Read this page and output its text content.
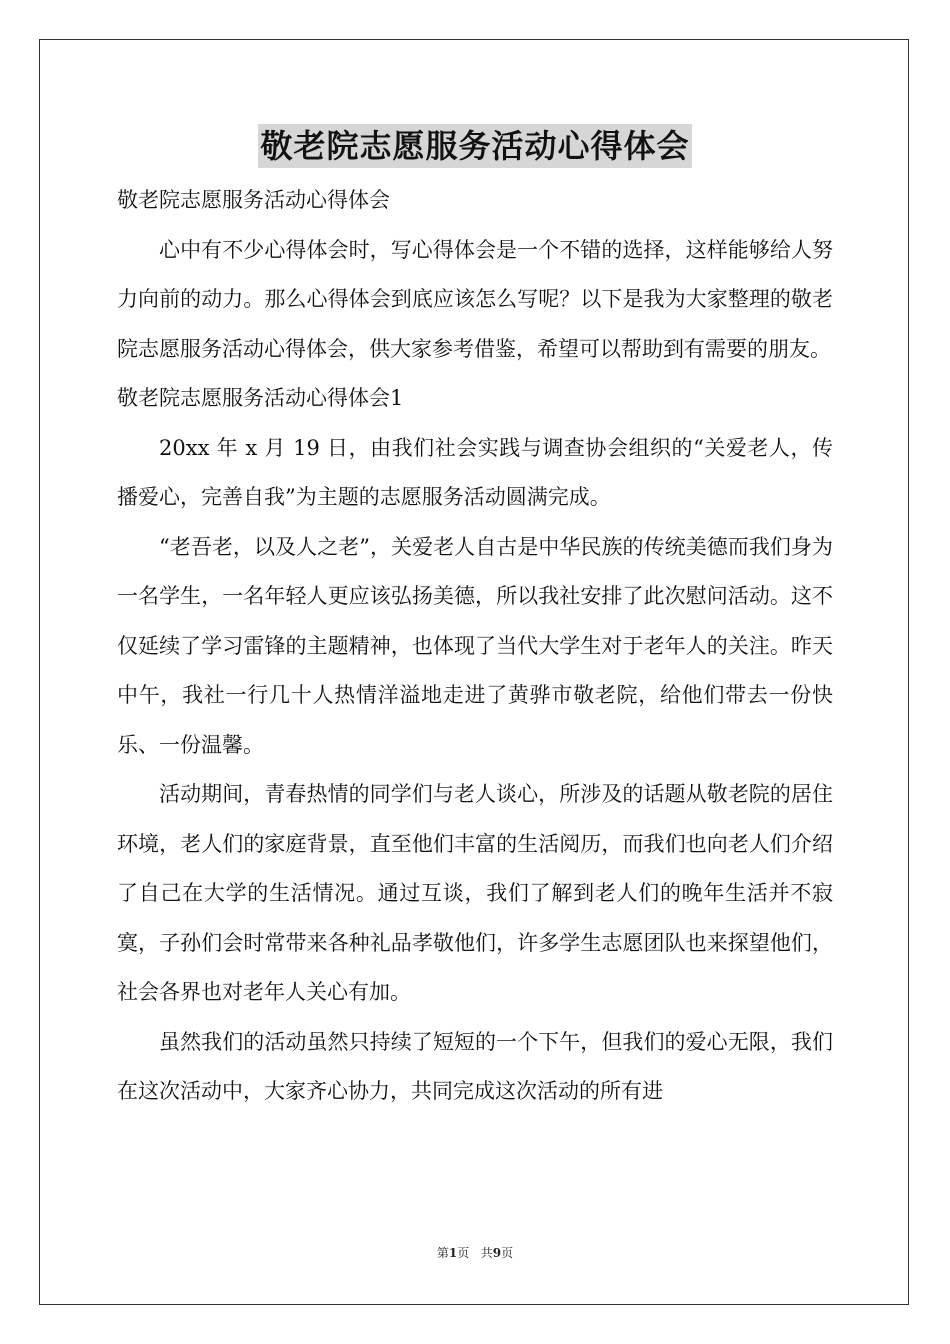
敬老院志愿服务活动心得体会

敬老院志愿服务活动心得体会

心中有不少心得体会时，写心得体会是一个不错的选择，这样能够给人努力向前的动力。那么心得体会到底应该怎么写呢？以下是我为大家整理的敬老院志愿服务活动心得体会，供大家参考借鉴，希望可以帮助到有需要的朋友。

敬老院志愿服务活动心得体会1

20xx 年 x 月 19 日，由我们社会实践与调查协会组织的“关爱老人，传播爱心，完善自我”为主题的志愿服务活动圆满完成。

“老吾老，以及人之老”，关爱老人自古是中华民族的传统美德而我们身为一名学生，一名年轻人更应该弘扬美德，所以我社安排了此次慰问活动。这不仅延续了学习雷锋的主题精神，也体现了当代大学生对于老年人的关注。昨天中午，我社一行几十人热情洋溢地走进了黄骅市敬老院，给他们带去一份快乐、一份温馨。

活动期间，青春热情的同学们与老人谈心，所涉及的话题从敬老院的居住环境，老人们的家庭背景，直至他们丰富的生活阅历，而我们也向老人们介绍了自己在大学的生活情况。通过互谈，我们了解到老人们的晚年生活并不寂寞，子孙们会时常带来各种礼品孝敬他们，许多学生志愿团队也来探望他们，社会各界也对老年人关心有加。

虽然我们的活动虽然只持续了短短的一个下午，但我们的爱心无限，我们在这次活动中，大家齐心协力，共同完成这次活动的所有进

第1页 共9页
